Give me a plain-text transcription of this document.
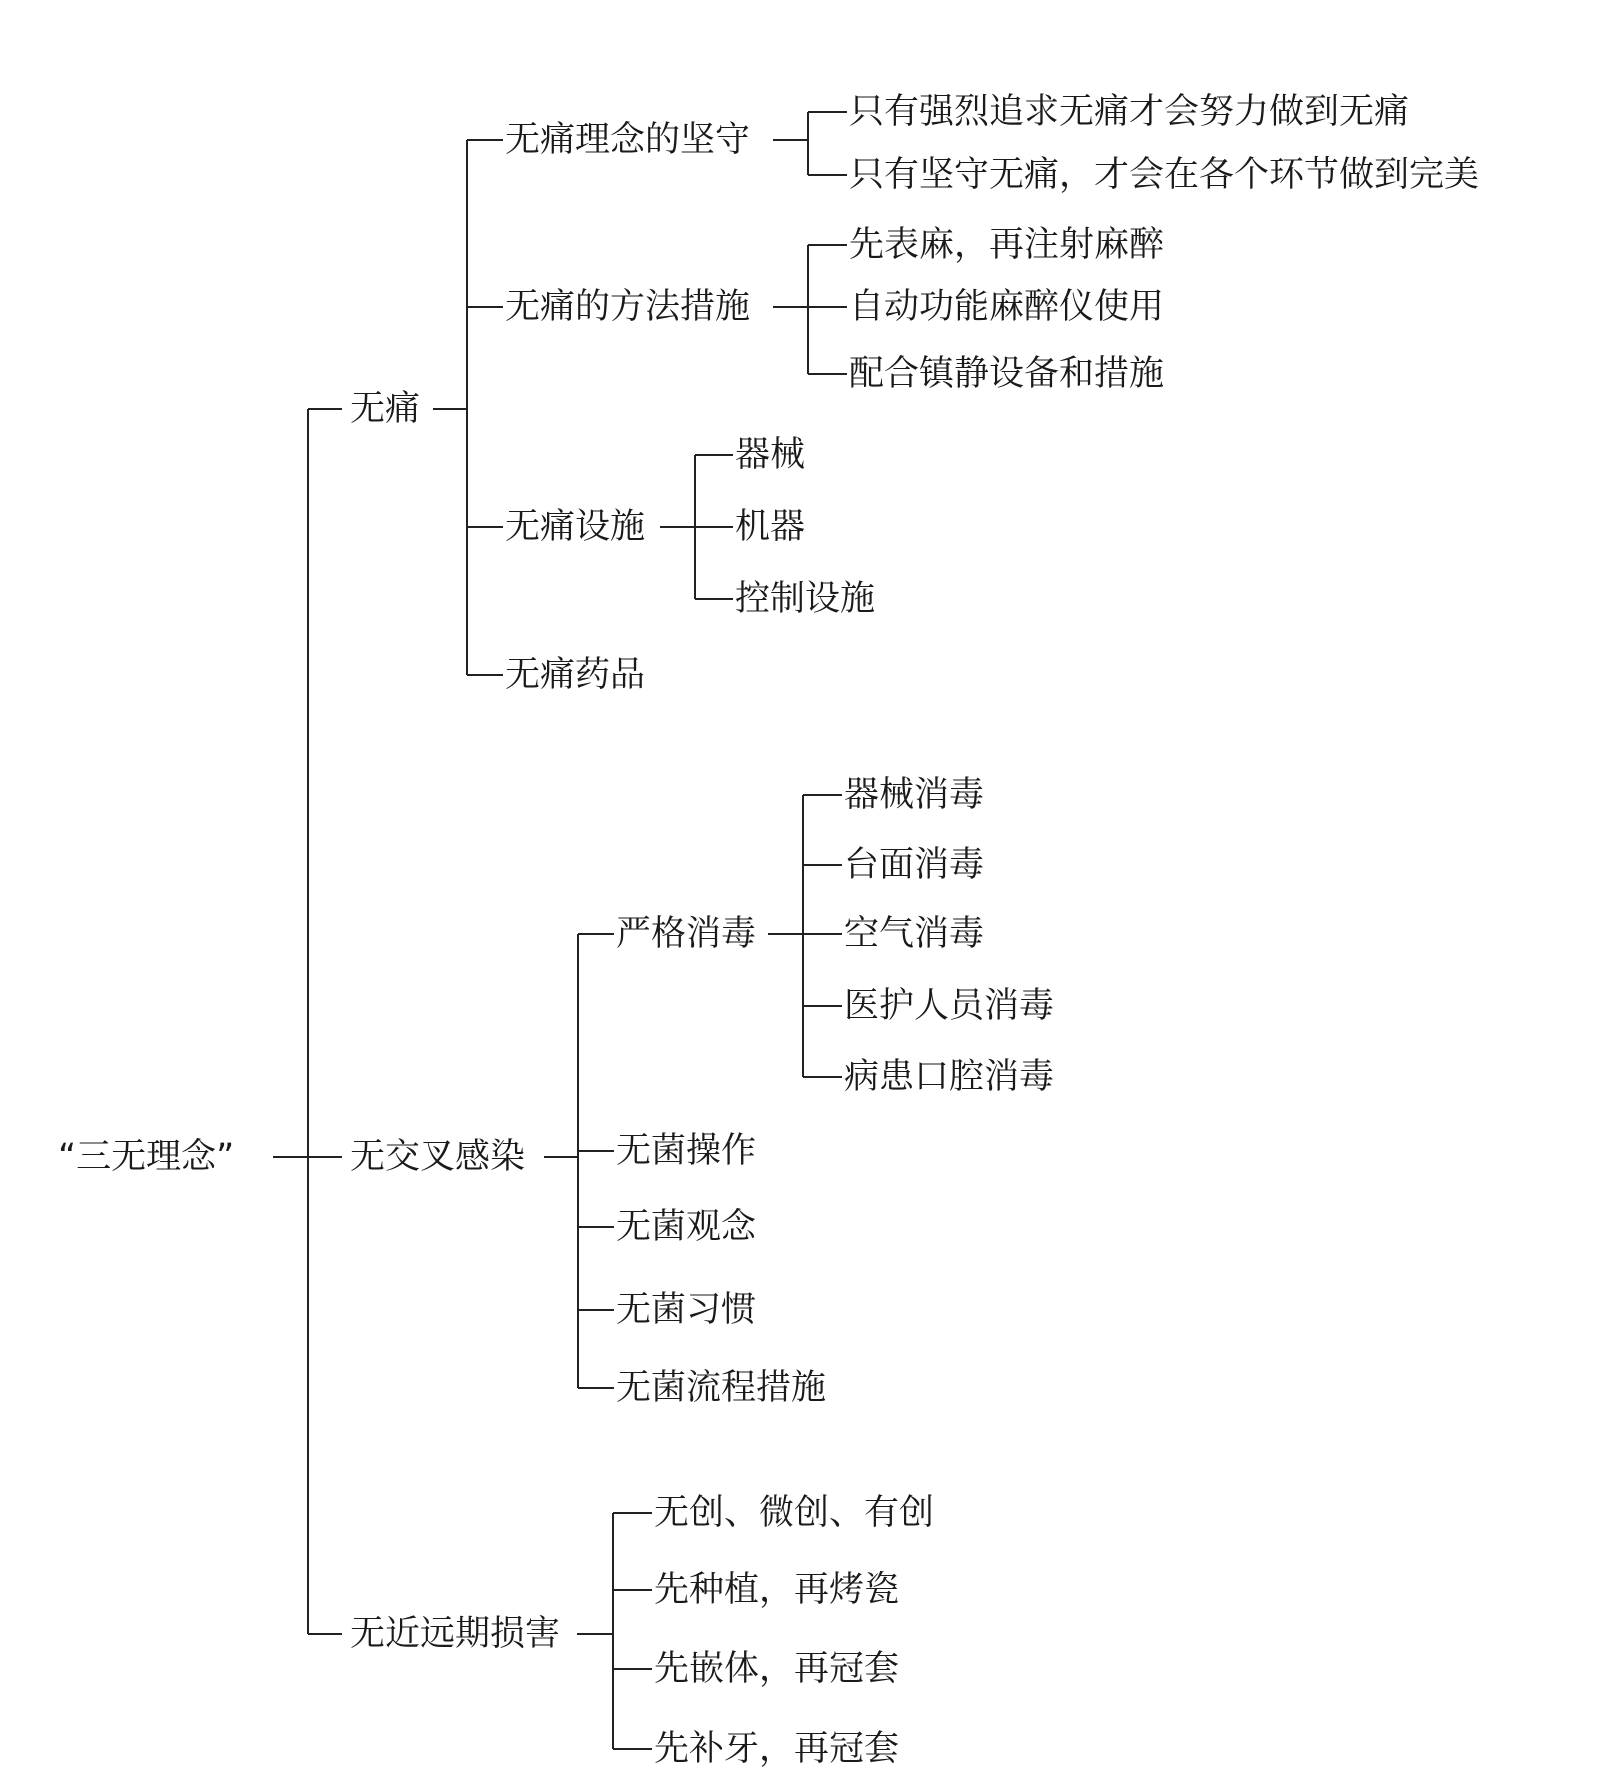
“三无理念”
无痛
无交叉感染
无近远期损害
无痛理念的坚守
无痛的方法措施
无痛设施
无痛药品
只有强烈追求无痛才会努力做到无痛
只有坚守无痛，才会在各个环节做到完美
先表麻，再注射麻醉
自动功能麻醉仪使用
配合镇静设备和措施
器械
机器
控制设施
严格消毒
无菌操作
无菌观念
无菌习惯
无菌流程措施
器械消毒
台面消毒
空气消毒
医护人员消毒
病患口腔消毒
无创、微创、有创
先种植，再烤瓷
先嵌体，再冠套
先补牙，再冠套
